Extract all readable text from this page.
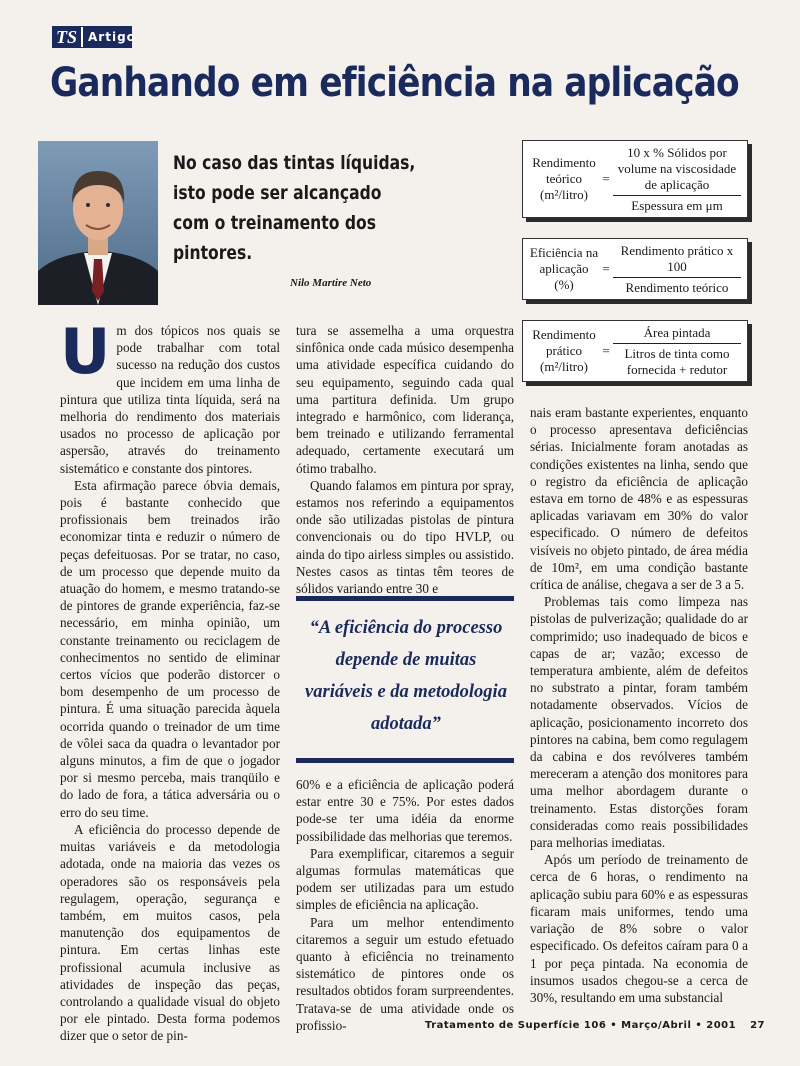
TS Artigo
Ganhando em eficiência na aplicação

No caso das tintas líquidas, isto pode ser alcançado com o treinamento dos pintores.

Nilo Martire Neto
Rendimento teórico (m²/litro)
= $\frac{\text{10 x \% Sólidos por volume na viscosidade de aplicação}}{\text{Espessura em μm}}$
Eficiência na aplicação (%)
= $\frac{\text{Rendimento prático x 100}}{\text{Rendimento teórico}}$
Rendimento prático (m²/litro)
= $\frac{\text{Área pintada}}{\text{Litros de tinta como fornecida + redutor}}$
U m dos tópicos nos quais se pode trabalhar com total sucesso na redução dos custos que incidem em uma linha de pintura que utiliza tinta líquida, será na melhoria do rendimento dos materiais usados no processo de aplicação por aspersão, através do treinamento sistemático e constante dos pintores.

Esta afirmação parece óbvia demais, pois é bastante conhecido que profissionais bem treinados irão economizar tinta e reduzir o número de peças defeituosas. Por se tratar, no caso, de um processo que depende muito da atuação do homem, e mesmo tratando-se de pintores de grande experiência, faz-se necessário, em minha opinião, um constante treinamento ou reciclagem de conhecimentos no sentido de eliminar certos vícios que poderão distorcer o bom desempenho de um processo de pintura. É uma situação parecida àquela ocorrida quando o treinador de um time de vôlei saca da quadra o levantador por alguns minutos, a fim de que o jogador por si mesmo perceba, mais tranqüilo e do lado de fora, a tática adversária ou o erro do seu time.

A eficiência do processo depende de muitas variáveis e da metodologia adotada, onde na maioria das vezes os operadores são os responsáveis pela regulagem, operação, segurança e também, em muitos casos, pela manutenção dos equipamentos de pintura. Em certas linhas este profissional acumula inclusive as atividades de inspeção das peças, controlando a qualidade visual do objeto por ele pintado. Desta forma podemos dizer que o setor de pin-

tura se assemelha a uma orquestra sinfônica onde cada músico desempenha uma atividade específica cuidando do seu equipamento, seguindo cada qual uma partitura definida. Um grupo integrado e harmônico, com liderança, bem treinado e utilizando ferramental adequado, certamente executará um ótimo trabalho.

Quando falamos em pintura por spray, estamos nos referindo a equipamentos onde são utilizadas pistolas de pintura convencionais ou do tipo HVLP, ou ainda do tipo airless simples ou assistido. Nestes casos as tintas têm teores de sólidos variando entre 30 e

“A eficiência do processo depende de muitas variáveis e da metodologia adotada”

60% e a eficiência de aplicação poderá estar entre 30 e 75%. Por estes dados pode-se ter uma idéia da enorme possibilidade das melhorias que teremos.

Para exemplificar, citaremos a seguir algumas formulas matemáticas que podem ser utilizadas para um estudo simples de eficiência na aplicação.

Para um melhor entendimento citaremos a seguir um estudo efetuado quanto à eficiência no treinamento sistemático de pintores onde os resultados obtidos foram surpreendentes. Tratava-se de uma atividade onde os profissio-

nais eram bastante experientes, enquanto o processo apresentava deficiências sérias. Inicialmente foram anotadas as condições existentes na linha, sendo que o registro da eficiência de aplicação estava em torno de 48% e as espessuras aplicadas variavam em 30% do valor especificado. O número de defeitos visíveis no objeto pintado, de área média de 10m², em uma condição bastante crítica de análise, chegava a ser de 3 a 5.

Problemas tais como limpeza nas pistolas de pulverização; qualidade do ar comprimido; uso inadequado de bicos e capas de ar; vazão; excesso de temperatura ambiente, além de defeitos no substrato a pintar, foram também notadamente observados. Vícios de aplicação, posicionamento incorreto dos pintores na cabina, bem como regulagem da cabina e dos revólveres também mereceram a atenção dos monitores para uma melhor abordagem durante o treinamento. Estas distorções foram consideradas como reais possibilidades para melhorias imediatas.

Após um período de treinamento de cerca de 6 horas, o rendimento na aplicação subiu para 60% e as espessuras ficaram mais uniformes, tendo uma variação de 8% sobre o valor especificado. Os defeitos caíram para 0 a 1 por peça pintada. Na economia de insumos usados chegou-se a cerca de 30%, resultando em uma substancial

Tratamento de Superfície 106 • Março/Abril • 2001 27
